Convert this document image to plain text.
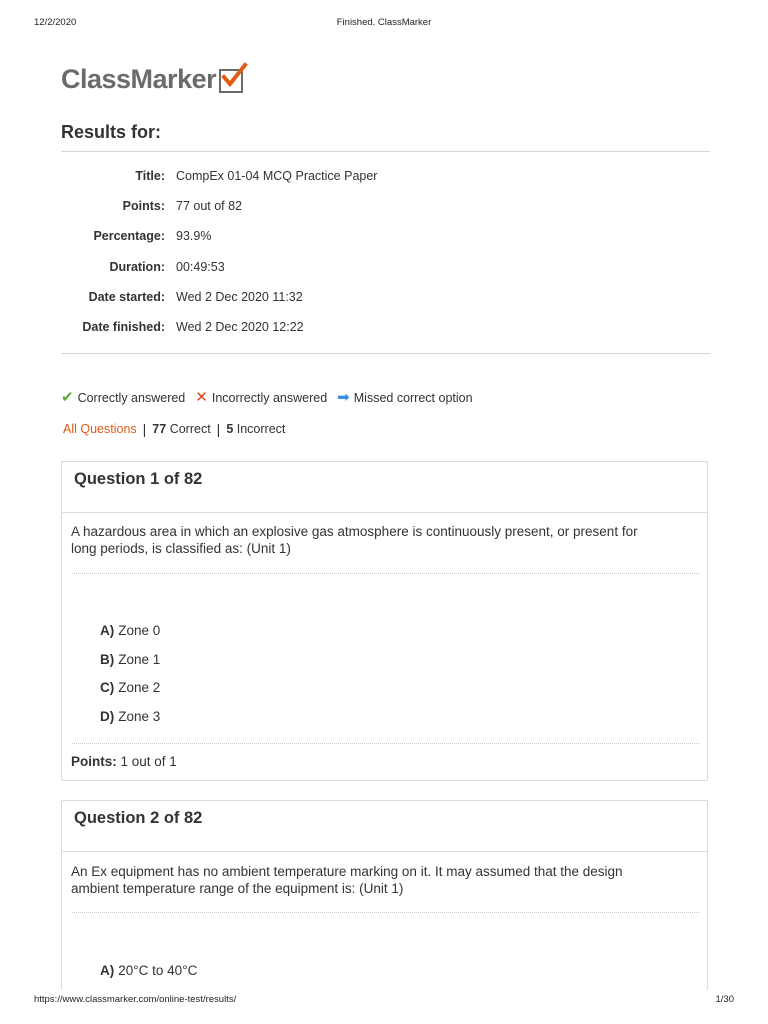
12/2/2020	Finished. ClassMarker
ClassMarker
Results for:
Title: CompEx 01-04 MCQ Practice Paper
Points: 77 out of 82
Percentage: 93.9%
Duration: 00:49:53
Date started: Wed 2 Dec 2020 11:32
Date finished: Wed 2 Dec 2020 12:22
✔ Correctly answered ✕ Incorrectly answered ➡ Missed correct option
All Questions | 77 Correct | 5 Incorrect
Question 1 of 82
A hazardous area in which an explosive gas atmosphere is continuously present, or present for
long periods, is classified as: (Unit 1)
A) Zone 0
B) Zone 1
C) Zone 2
D) Zone 3
Points: 1 out of 1
Question 2 of 82
An Ex equipment has no ambient temperature marking on it. It may assumed that the design
ambient temperature range of the equipment is: (Unit 1)
A) 20°C to 40°C
https://www.classmarker.com/online-test/results/	1/30
